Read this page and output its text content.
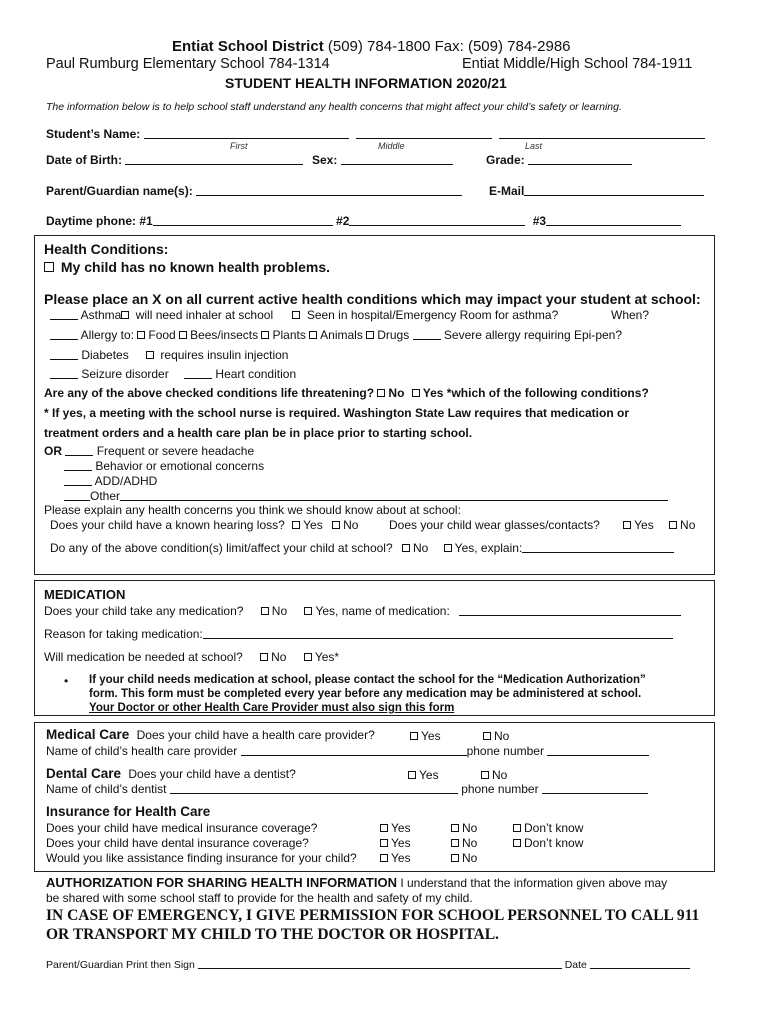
Entiat School District (509) 784-1800 Fax: (509) 784-2986
Paul Rumburg Elementary School 784-1314	Entiat Middle/High School 784-1911
STUDENT HEALTH INFORMATION 2020/21
The information below is to help school staff understand any health concerns that might affect your child’s safety or learning.
Student’s Name:
First	Middle	Last
Date of Birth:	Sex:	Grade:
Parent/Guardian name(s):	E-Mail
Daytime phone: #1	#2	#3
Health Conditions:
My child has no known health problems.
Please place an X on all current active health conditions which may impact your student at school:
Asthma will need inhaler at school	Seen in hospital/Emergency Room for asthma?	When?
Allergy to: Food Bees/insects Plants Animals Drugs	Severe allergy requiring Epi-pen?
Diabetes	requires insulin injection
Seizure disorder	Heart condition
Are any of the above checked conditions life threatening? No Yes *which of the following conditions?
* If yes, a meeting with the school nurse is required. Washington State Law requires that medication or
treatment orders and a health care plan be in place prior to starting school.
OR	Frequent or severe headache
Behavior or emotional concerns
ADD/ADHD
Other
Please explain any health concerns you think we should know about at school:
Does your child have a known hearing loss? Yes No	Does your child wear glasses/contacts?	Yes No
Do any of the above condition(s) limit/affect your child at school? No Yes, explain:
MEDICATION
Does your child take any medication? No Yes, name of medication:
Reason for taking medication:
Will medication be needed at school? No Yes*
• If your child needs medication at school, please contact the school for the “Medication Authorization”
form. This form must be completed every year before any medication may be administered at school.
Your Doctor or other Health Care Provider must also sign this form
Medical Care Does your child have a health care provider?	Yes	No
Name of child’s health care provider	phone number
Dental Care Does your child have a dentist?	Yes	No
Name of child’s dentist	phone number
Insurance for Health Care
Does your child have medical insurance coverage?	Yes	No	Don’t know
Does your child have dental insurance coverage?	Yes	No	Don’t know
Would you like assistance finding insurance for your child?	Yes	No
AUTHORIZATION FOR SHARING HEALTH INFORMATION I understand that the information given above may
be shared with some school staff to provide for the health and safety of my child.
IN CASE OF EMERGENCY, I GIVE PERMISSION FOR SCHOOL PERSONNEL TO CALL 911
OR TRANSPORT MY CHILD TO THE DOCTOR OR HOSPITAL.
Parent/Guardian Print then Sign	Date
